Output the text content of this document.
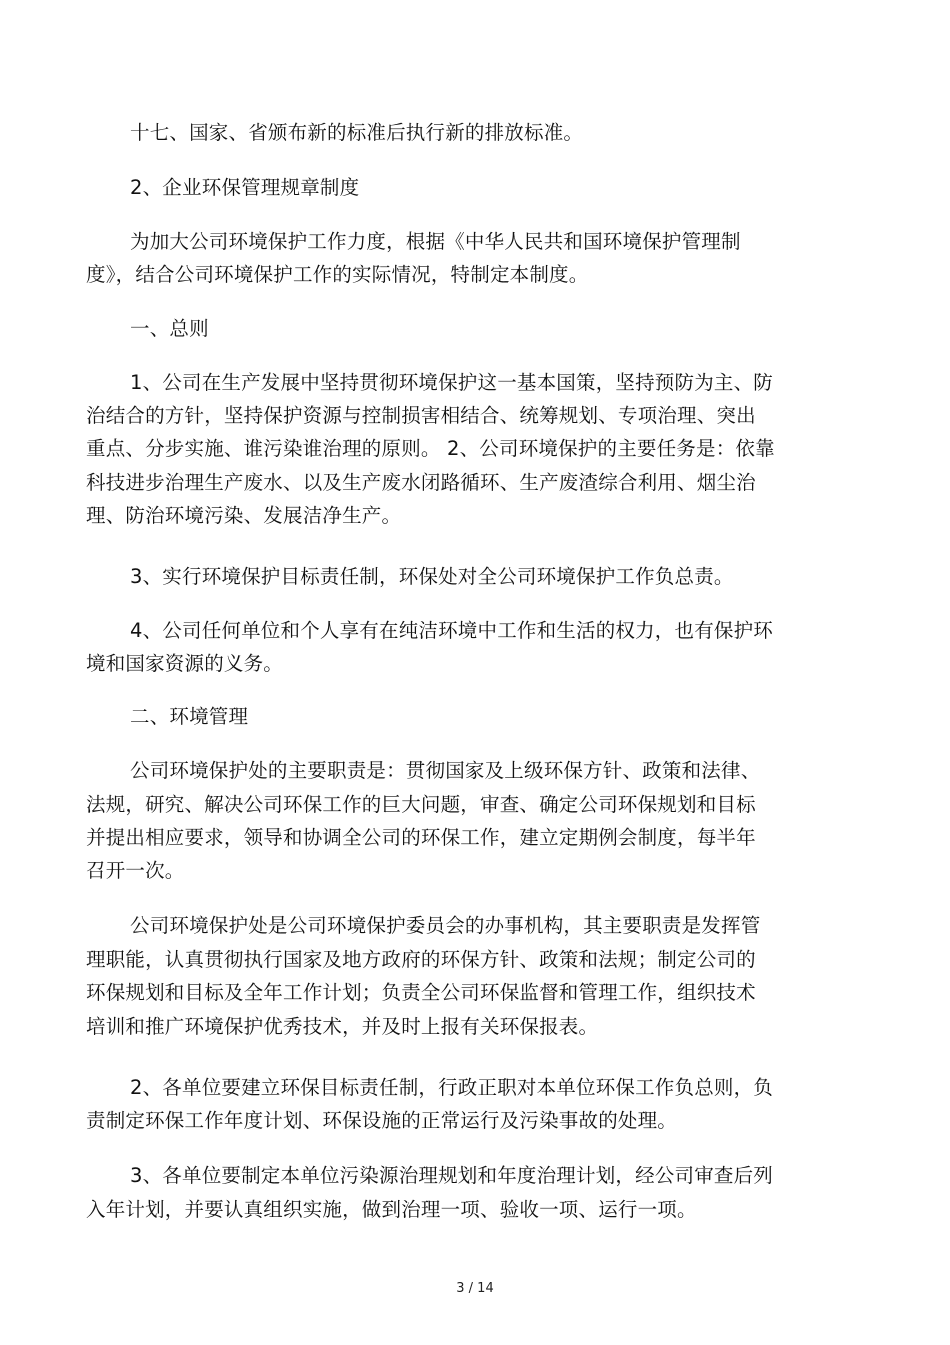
十七、国家、省颁布新的标准后执行新的排放标准。
2、企业环保管理规章制度
为加大公司环境保护工作力度，根据《中华人民共和国环境保护管理制
度》，结合公司环境保护工作的实际情况，特制定本制度。
一、总则
1、公司在生产发展中坚持贯彻环境保护这一基本国策，坚持预防为主、防
治结合的方针，坚持保护资源与控制损害相结合、统筹规划、专项治理、突出
重点、分步实施、谁污染谁治理的原则。 2、公司环境保护的主要任务是：依靠
科技进步治理生产废水、以及生产废水闭路循环、生产废渣综合利用、烟尘治
理、防治环境污染、发展洁净生产。
3、实行环境保护目标责任制，环保处对全公司环境保护工作负总责。
4、公司任何单位和个人享有在纯洁环境中工作和生活的权力，也有保护环
境和国家资源的义务。
二、环境管理
公司环境保护处的主要职责是：贯彻国家及上级环保方针、政策和法律、
法规，研究、解决公司环保工作的巨大问题，审查、确定公司环保规划和目标
并提出相应要求，领导和协调全公司的环保工作，建立定期例会制度，每半年
召开一次。
公司环境保护处是公司环境保护委员会的办事机构，其主要职责是发挥管
理职能，认真贯彻执行国家及地方政府的环保方针、政策和法规；制定公司的
环保规划和目标及全年工作计划；负责全公司环保监督和管理工作，组织技术
培训和推广环境保护优秀技术，并及时上报有关环保报表。
2、各单位要建立环保目标责任制，行政正职对本单位环保工作负总则，负
责制定环保工作年度计划、环保设施的正常运行及污染事故的处理。
3、各单位要制定本单位污染源治理规划和年度治理计划，经公司审查后列
入年计划，并要认真组织实施，做到治理一项、验收一项、运行一项。
3 / 14
